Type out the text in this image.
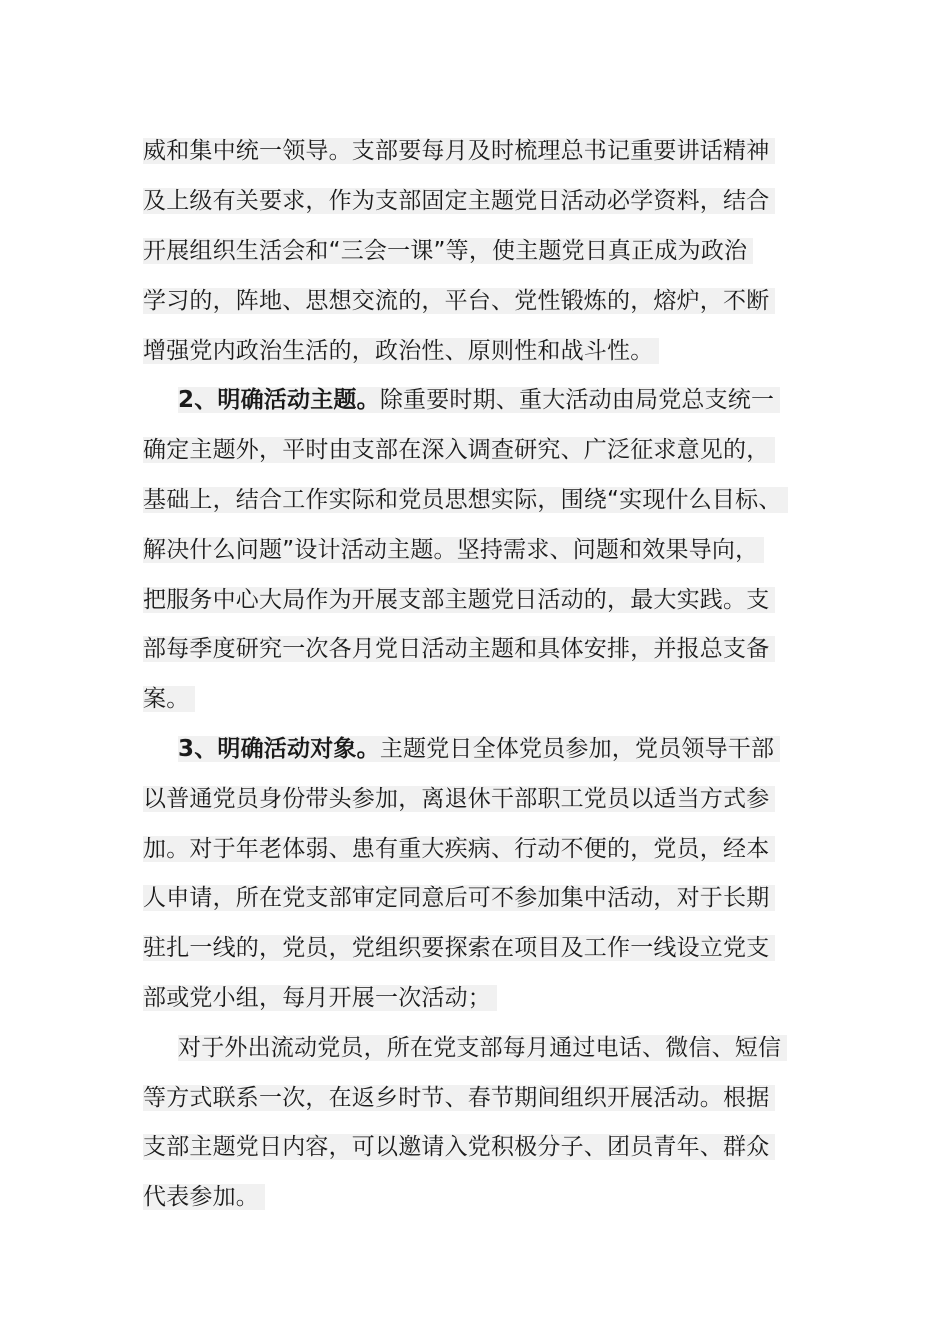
威和集中统一领导。支部要每月及时梳理总书记重要讲话精神
及上级有关要求，作为支部固定主题党日活动必学资料，结合
开展组织生活会和“三会一课”等，使主题党日真正成为政治
学习的，阵地、思想交流的，平台、党性锻炼的，熔炉，不断
增强党内政治生活的，政治性、原则性和战斗性。
2、明确活动主题。除重要时期、重大活动由局党总支统一
确定主题外，平时由支部在深入调查研究、广泛征求意见的，
基础上，结合工作实际和党员思想实际，围绕“实现什么目标、
解决什么问题”设计活动主题。坚持需求、问题和效果导向，
把服务中心大局作为开展支部主题党日活动的，最大实践。支
部每季度研究一次各月党日活动主题和具体安排，并报总支备
案。
3、明确活动对象。主题党日全体党员参加，党员领导干部
以普通党员身份带头参加，离退休干部职工党员以适当方式参
加。对于年老体弱、患有重大疾病、行动不便的，党员，经本
人申请，所在党支部审定同意后可不参加集中活动，对于长期
驻扎一线的，党员，党组织要探索在项目及工作一线设立党支
部或党小组，每月开展一次活动；
对于外出流动党员，所在党支部每月通过电话、微信、短信
等方式联系一次，在返乡时节、春节期间组织开展活动。根据
支部主题党日内容，可以邀请入党积极分子、团员青年、群众
代表参加。
